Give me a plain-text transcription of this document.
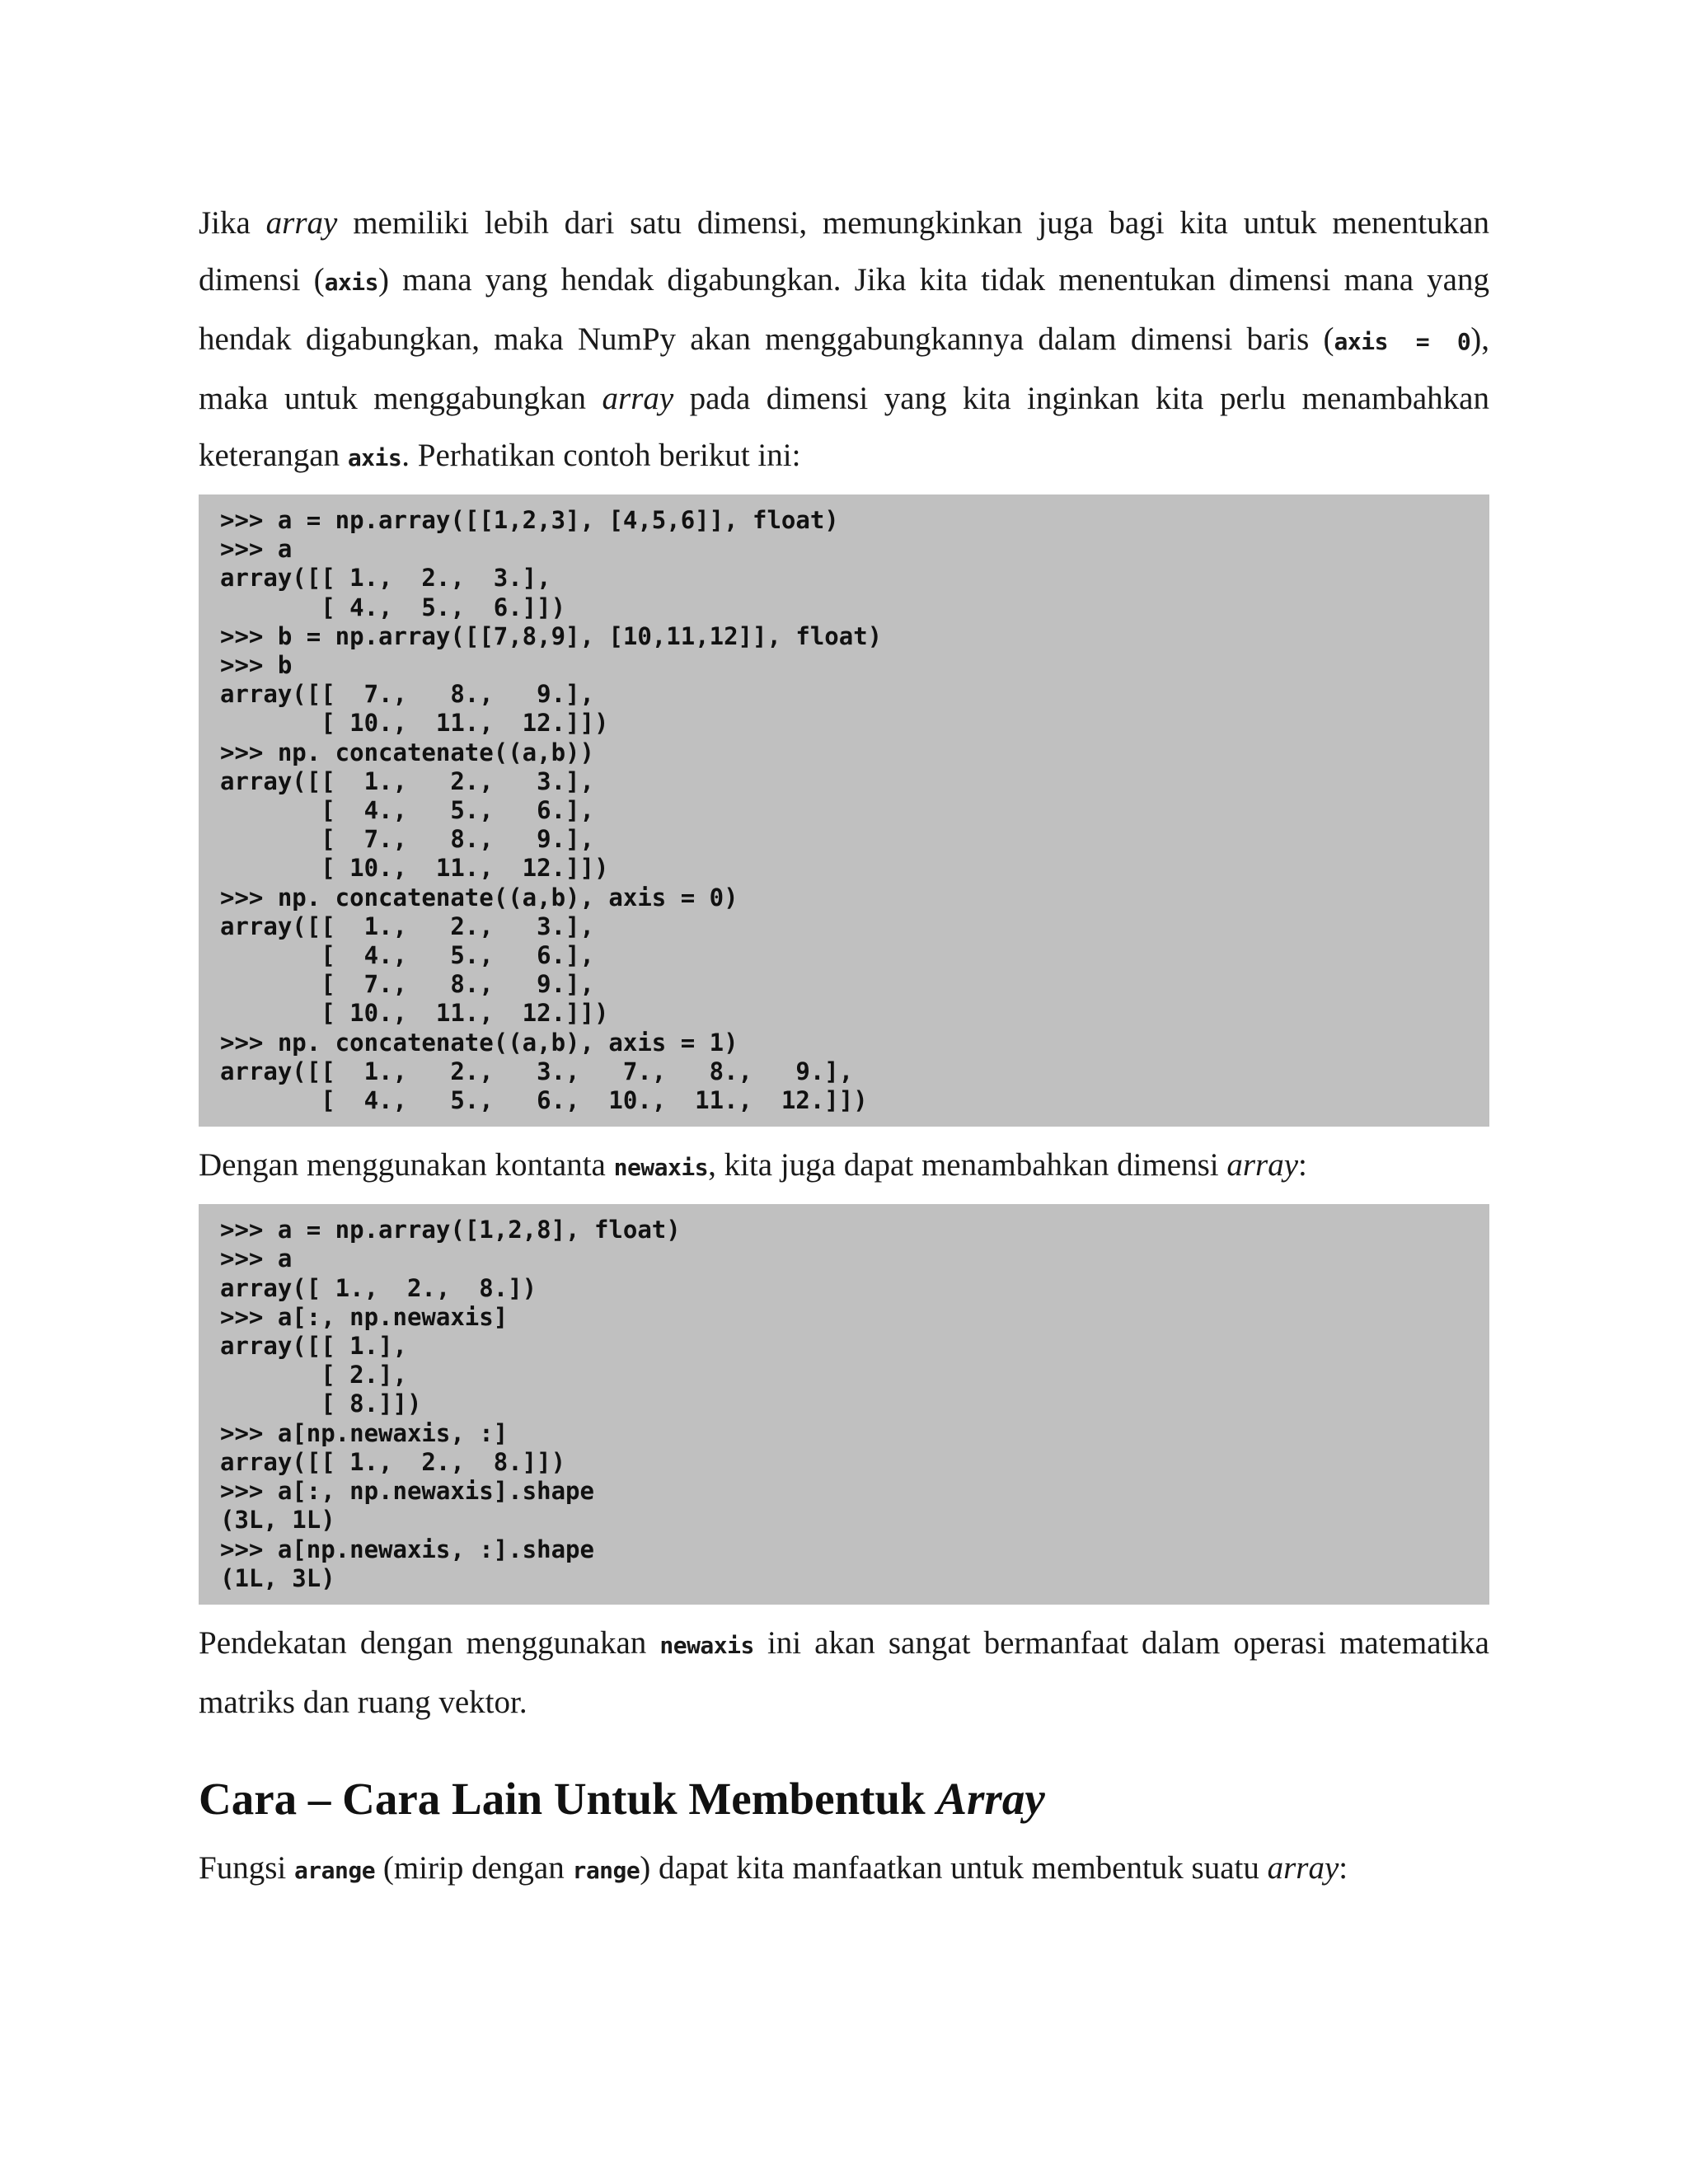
Jika array memiliki lebih dari satu dimensi, memungkinkan juga bagi kita untuk menentukan dimensi (axis) mana yang hendak digabungkan. Jika kita tidak menentukan dimensi mana yang hendak digabungkan, maka NumPy akan menggabungkannya dalam dimensi baris (axis = 0), maka untuk menggabungkan array pada dimensi yang kita inginkan kita perlu menambahkan keterangan axis. Perhatikan contoh berikut ini:

>>> a = np.array([[1,2,3], [4,5,6]], float)
>>> a
array([[ 1.,  2.,  3.],
[ 4.,  5.,  6.]])
>>> b = np.array([[7,8,9], [10,11,12]], float)
>>> b
array([[  7.,   8.,   9.],
[ 10.,  11.,  12.]])
>>> np. concatenate((a,b))
array([[  1.,   2.,   3.],
[  4.,   5.,   6.],
[  7.,   8.,   9.],
[ 10.,  11.,  12.]])
>>> np. concatenate((a,b), axis = 0)
array([[  1.,   2.,   3.],
[  4.,   5.,   6.],
[  7.,   8.,   9.],
[ 10.,  11.,  12.]])
>>> np. concatenate((a,b), axis = 1)
array([[  1.,   2.,   3.,   7.,   8.,   9.],
[  4.,   5.,   6.,  10.,  11.,  12.]])

Dengan menggunakan kontanta newaxis, kita juga dapat menambahkan dimensi array:

>>> a = np.array([1,2,8], float)
>>> a
array([ 1.,  2.,  8.])
>>> a[:, np.newaxis]
array([[ 1.],
[ 2.],
[ 8.]])
>>> a[np.newaxis, :]
array([[ 1.,  2.,  8.]])
>>> a[:, np.newaxis].shape
(3L, 1L)
>>> a[np.newaxis, :].shape
(1L, 3L)

Pendekatan dengan menggunakan newaxis ini akan sangat bermanfaat dalam operasi matematika matriks dan ruang vektor.

Cara – Cara Lain Untuk Membentuk Array

Fungsi arange (mirip dengan range) dapat kita manfaatkan untuk membentuk suatu array:
